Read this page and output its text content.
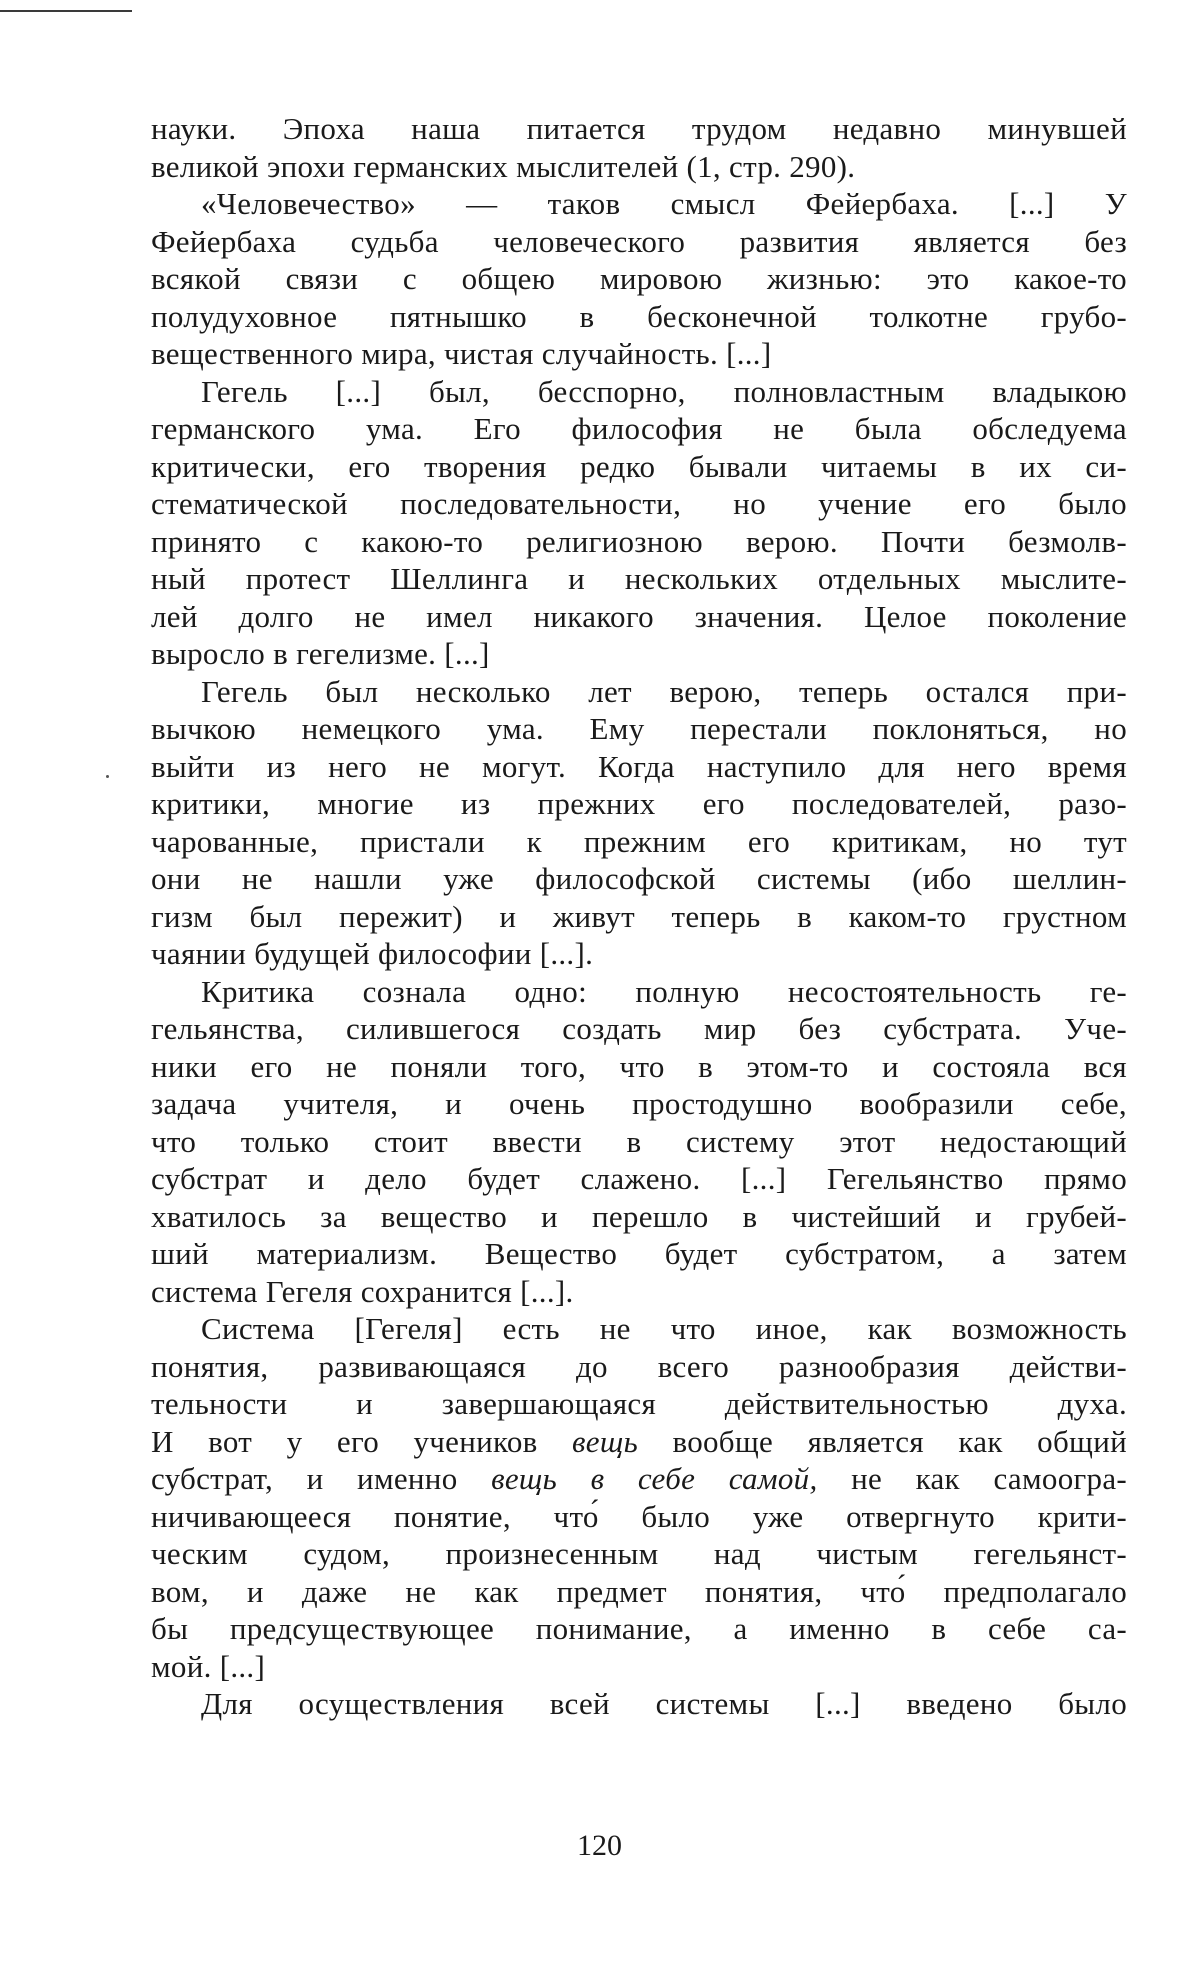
науки. Эпоха наша питается трудом недавно минувшей
великой эпохи германских мыслителей (1, стр. 290).
«Человечество» — таков смысл Фейербаха. [...] У
Фейербаха судьба человеческого развития является без
всякой связи с общею мировою жизнью: это какое-то
полудуховное пятнышко в бесконечной толкотне грубо-
вещественного мира, чистая случайность. [...]
Гегель [...] был, бесспорно, полновластным владыкою
германского ума. Его философия не была обследуема
критически, его творения редко бывали читаемы в их си-
стематической последовательности, но учение его было
принято с какою-то религиозною верою. Почти безмолв-
ный протест Шеллинга и нескольких отдельных мыслите-
лей долго не имел никакого значения. Целое поколение
выросло в гегелизме. [...]
Гегель был несколько лет верою, теперь остался при-
вычкою немецкого ума. Ему перестали поклоняться, но
выйти из него не могут. Когда наступило для него время
критики, многие из прежних его последователей, разо-
чарованные, пристали к прежним его критикам, но тут
они не нашли уже философской системы (ибо шеллин-
гизм был пережит) и живут теперь в каком-то грустном
чаянии будущей философии [...].
Критика сознала одно: полную несостоятельность ге-
гельянства, силившегося создать мир без субстрата. Уче-
ники его не поняли того, что в этом-то и состояла вся
задача учителя, и очень простодушно вообразили себе,
что только стоит ввести в систему этот недостающий
субстрат и дело будет слажено. [...] Гегельянство прямо
хватилось за вещество и перешло в чистейший и грубей-
ший материализм. Вещество будет субстратом, а затем
система Гегеля сохранится [...].
Система [Гегеля] есть не что иное, как возможность
понятия, развивающаяся до всего разнообразия действи-
тельности и завершающаяся действительностью духа.
И вот у его учеников вещь вообще является как общий
субстрат, и именно вещь в себе самой, не как самоогра-
ничивающееся понятие, что́ было уже отвергнуто крити-
ческим судом, произнесенным над чистым гегельянст-
вом, и даже не как предмет понятия, что́ предполагало
бы предсуществующее понимание, а именно в себе са-
мой. [...]
Для осуществления всей системы [...] введено было
120
